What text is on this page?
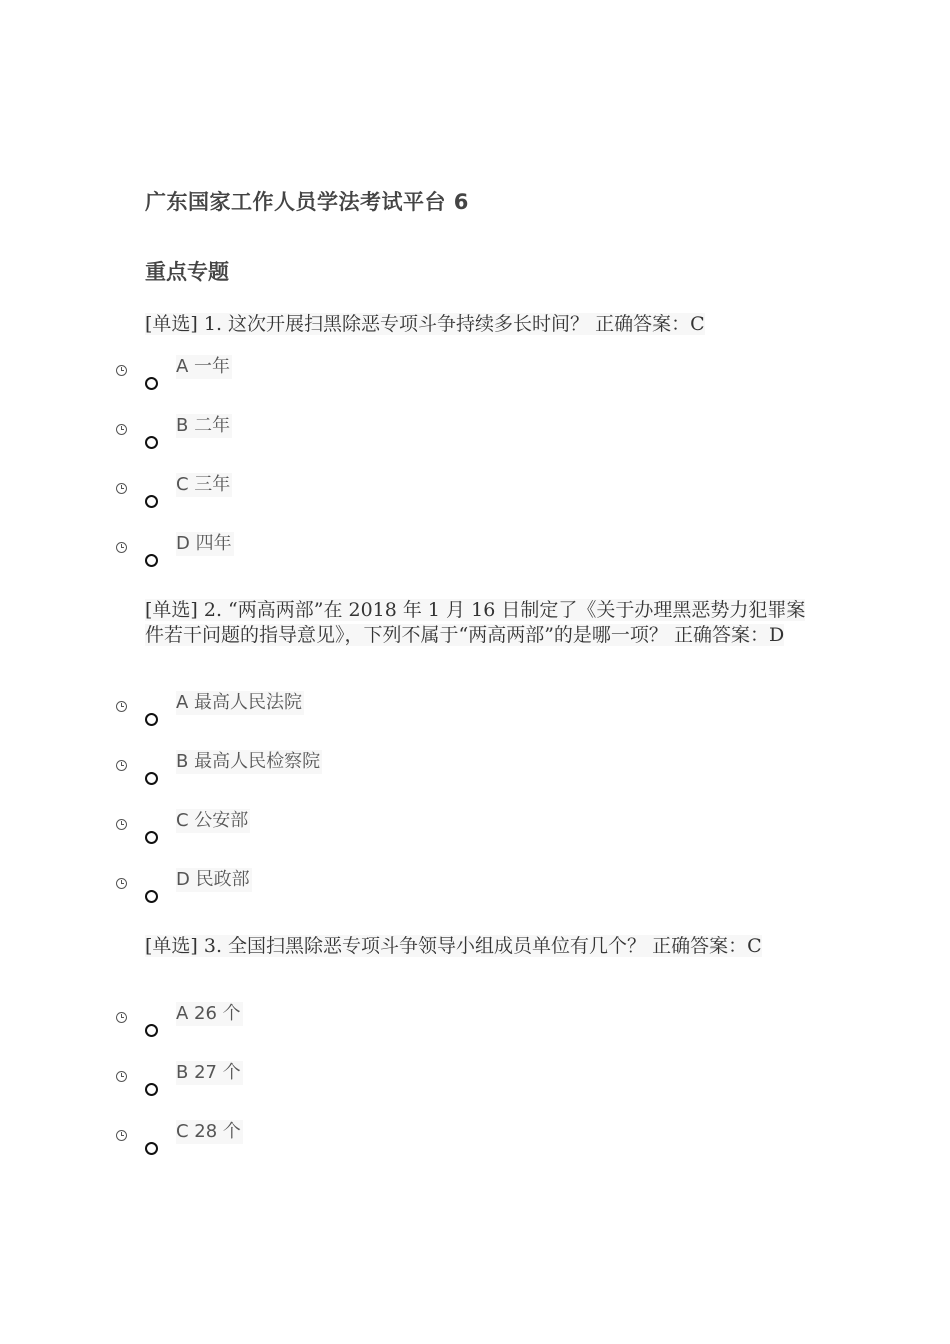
广东国家工作人员学法考试平台 6
重点专题
[单选] 1. 这次开展扫黑除恶专项斗争持续多长时间？ 正确答案：C
A 一年
B 二年
C 三年
D 四年
[单选] 2. “两高两部”在 2018 年 1 月 16 日制定了《关于办理黑恶势力犯罪案件若干问题的指导意见》，下列不属于“两高两部”的是哪一项？ 正确答案：D
A 最高人民法院
B 最高人民检察院
C 公安部
D 民政部
[单选] 3. 全国扫黑除恶专项斗争领导小组成员单位有几个？ 正确答案：C
A 26 个
B 27 个
C 28 个
